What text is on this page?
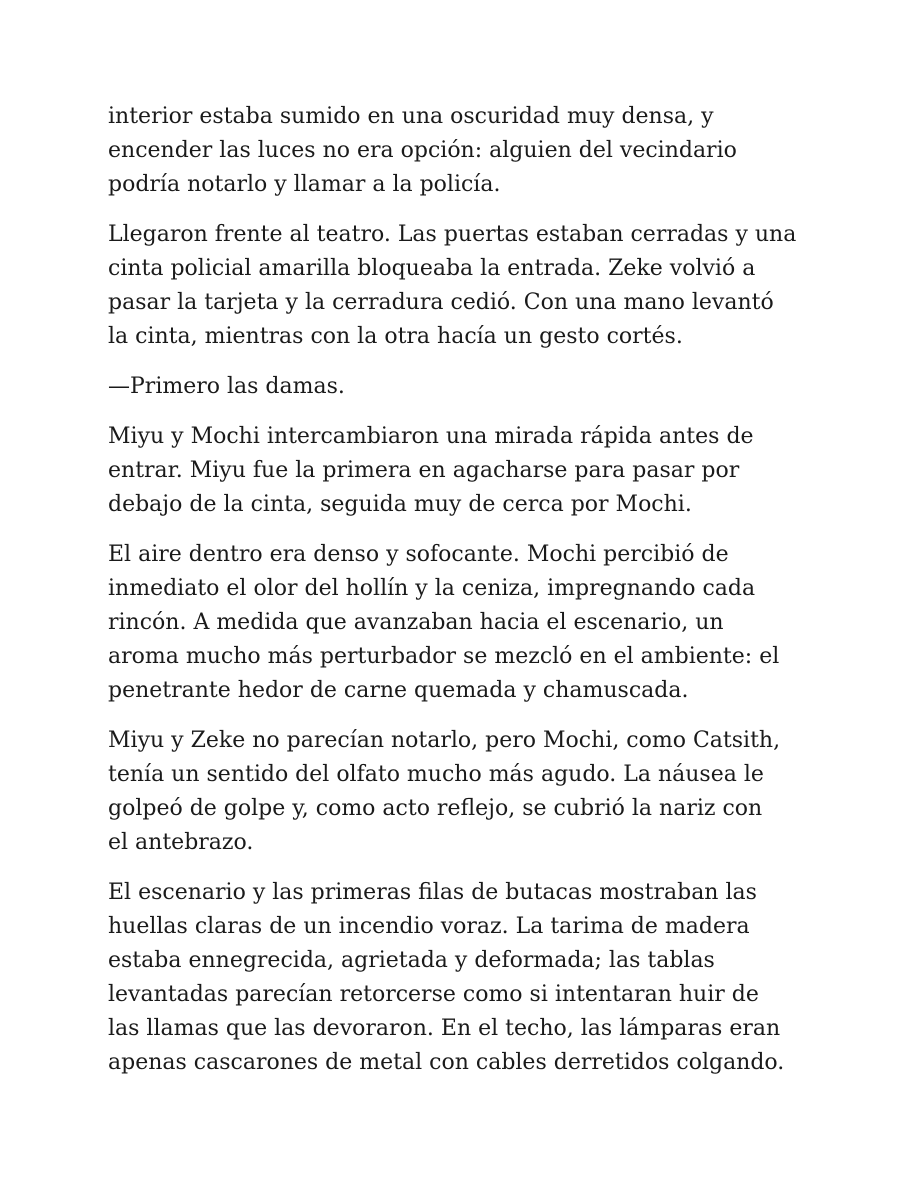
interior estaba sumido en una oscuridad muy densa, y
encender las luces no era opción: alguien del vecindario
podría notarlo y llamar a la policía.

Llegaron frente al teatro. Las puertas estaban cerradas y una
cinta policial amarilla bloqueaba la entrada. Zeke volvió a
pasar la tarjeta y la cerradura cedió. Con una mano levantó
la cinta, mientras con la otra hacía un gesto cortés.

—Primero las damas.

Miyu y Mochi intercambiaron una mirada rápida antes de
entrar. Miyu fue la primera en agacharse para pasar por
debajo de la cinta, seguida muy de cerca por Mochi.

El aire dentro era denso y sofocante. Mochi percibió de
inmediato el olor del hollín y la ceniza, impregnando cada
rincón. A medida que avanzaban hacia el escenario, un
aroma mucho más perturbador se mezcló en el ambiente: el
penetrante hedor de carne quemada y chamuscada.

Miyu y Zeke no parecían notarlo, pero Mochi, como Catsith,
tenía un sentido del olfato mucho más agudo. La náusea le
golpeó de golpe y, como acto reflejo, se cubrió la nariz con
el antebrazo.

El escenario y las primeras filas de butacas mostraban las
huellas claras de un incendio voraz. La tarima de madera
estaba ennegrecida, agrietada y deformada; las tablas
levantadas parecían retorcerse como si intentaran huir de
las llamas que las devoraron. En el techo, las lámparas eran
apenas cascarones de metal con cables derretidos colgando.
